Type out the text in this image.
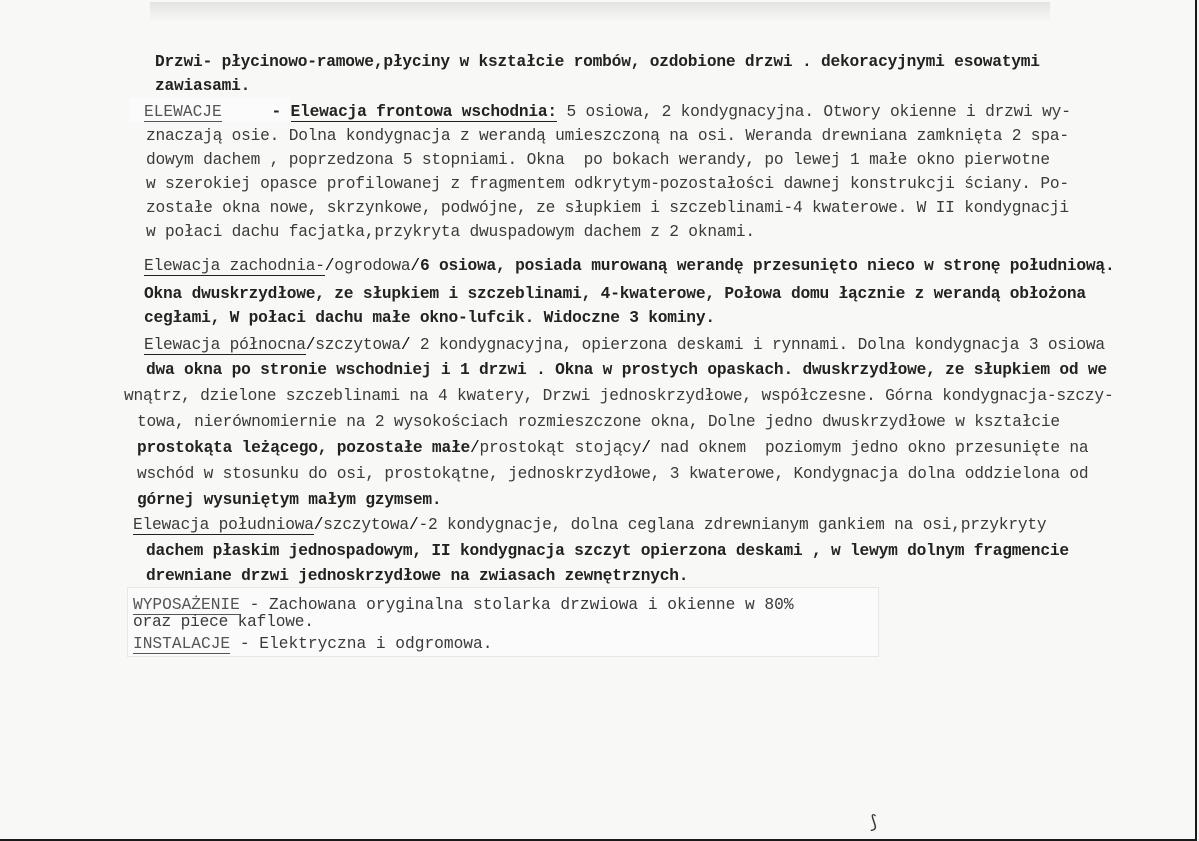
Drzwi- płycinowo-ramowe,płyciny w kształcie rombów, ozdobione drzwi . dekoracyjnymi esowatymi
zawiasami.
ELEWACJE - Elewacja frontowa wschodnia: 5 osiowa, 2 kondygnacyjna. Otwory okienne i drzwi wy-
znaczają osie. Dolna kondygnacja z werandą umieszczoną na osi. Weranda drewniana zamknięta 2 spa-
dowym dachem , poprzedzona 5 stopniami. Okna  po bokach werandy, po lewej 1 małe okno pierwotne
w szerokiej opasce profilowanej z fragmentem odkrytym-pozostałości dawnej konstrukcji ściany. Po-
zostałe okna nowe, skrzynkowe, podwójne, ze słupkiem i szczeblinami-4 kwaterowe. W II kondygnacji
w połaci dachu facjatka,przykryta dwuspadowym dachem z 2 oknami.
Elewacja zachodnia-/ogrodowa/6 osiowa, posiada murowaną werandę przesunięto nieco w stronę południową.
Okna dwuskrzydłowe, ze słupkiem i szczeblinami, 4-kwaterowe, Połowa domu łącznie z werandą obłożona
cegłami, W połaci dachu małe okno-lufcik. Widoczne 3 kominy.
Elewacja północna/szczytowa/ 2 kondygnacyjna, opierzona deskami i rynnami. Dolna kondygnacja 3 osiowa
dwa okna po stronie wschodniej i 1 drzwi . Okna w prostych opaskach. dwuskrzydłowe, ze słupkiem od we
wnątrz, dzielone szczeblinami na 4 kwatery, Drzwi jednoskrzydłowe, współczesne. Górna kondygnacja-szczy-
towa, nierównomiernie na 2 wysokościach rozmieszczone okna, Dolne jedno dwuskrzydłowe w kształcie
prostokąta leżącego, pozostałe małe/prostokąt stojący/ nad oknem  poziomym jedno okno przesunięte na
wschód w stosunku do osi, prostokątne, jednoskrzydłowe, 3 kwaterowe, Kondygnacja dolna oddzielona od
górnej wysuniętym małym gzymsem.
Elewacja południowa/szczytowa/-2 kondygnacje, dolna ceglana zdrewnianym gankiem na osi,przykryty
dachem płaskim jednospadowym, II kondygnacja szczyt opierzona deskami , w lewym dolnym fragmencie
drewniane drzwi jednoskrzydłowe na zwiasach zewnętrznych.
WYPOSAŻENIE - Zachowana oryginalna stolarka drzwiowa i okienne w 80%
oraz piece kaflowe.
INSTALACJE - Elektryczna i odgromowa.
⟆
